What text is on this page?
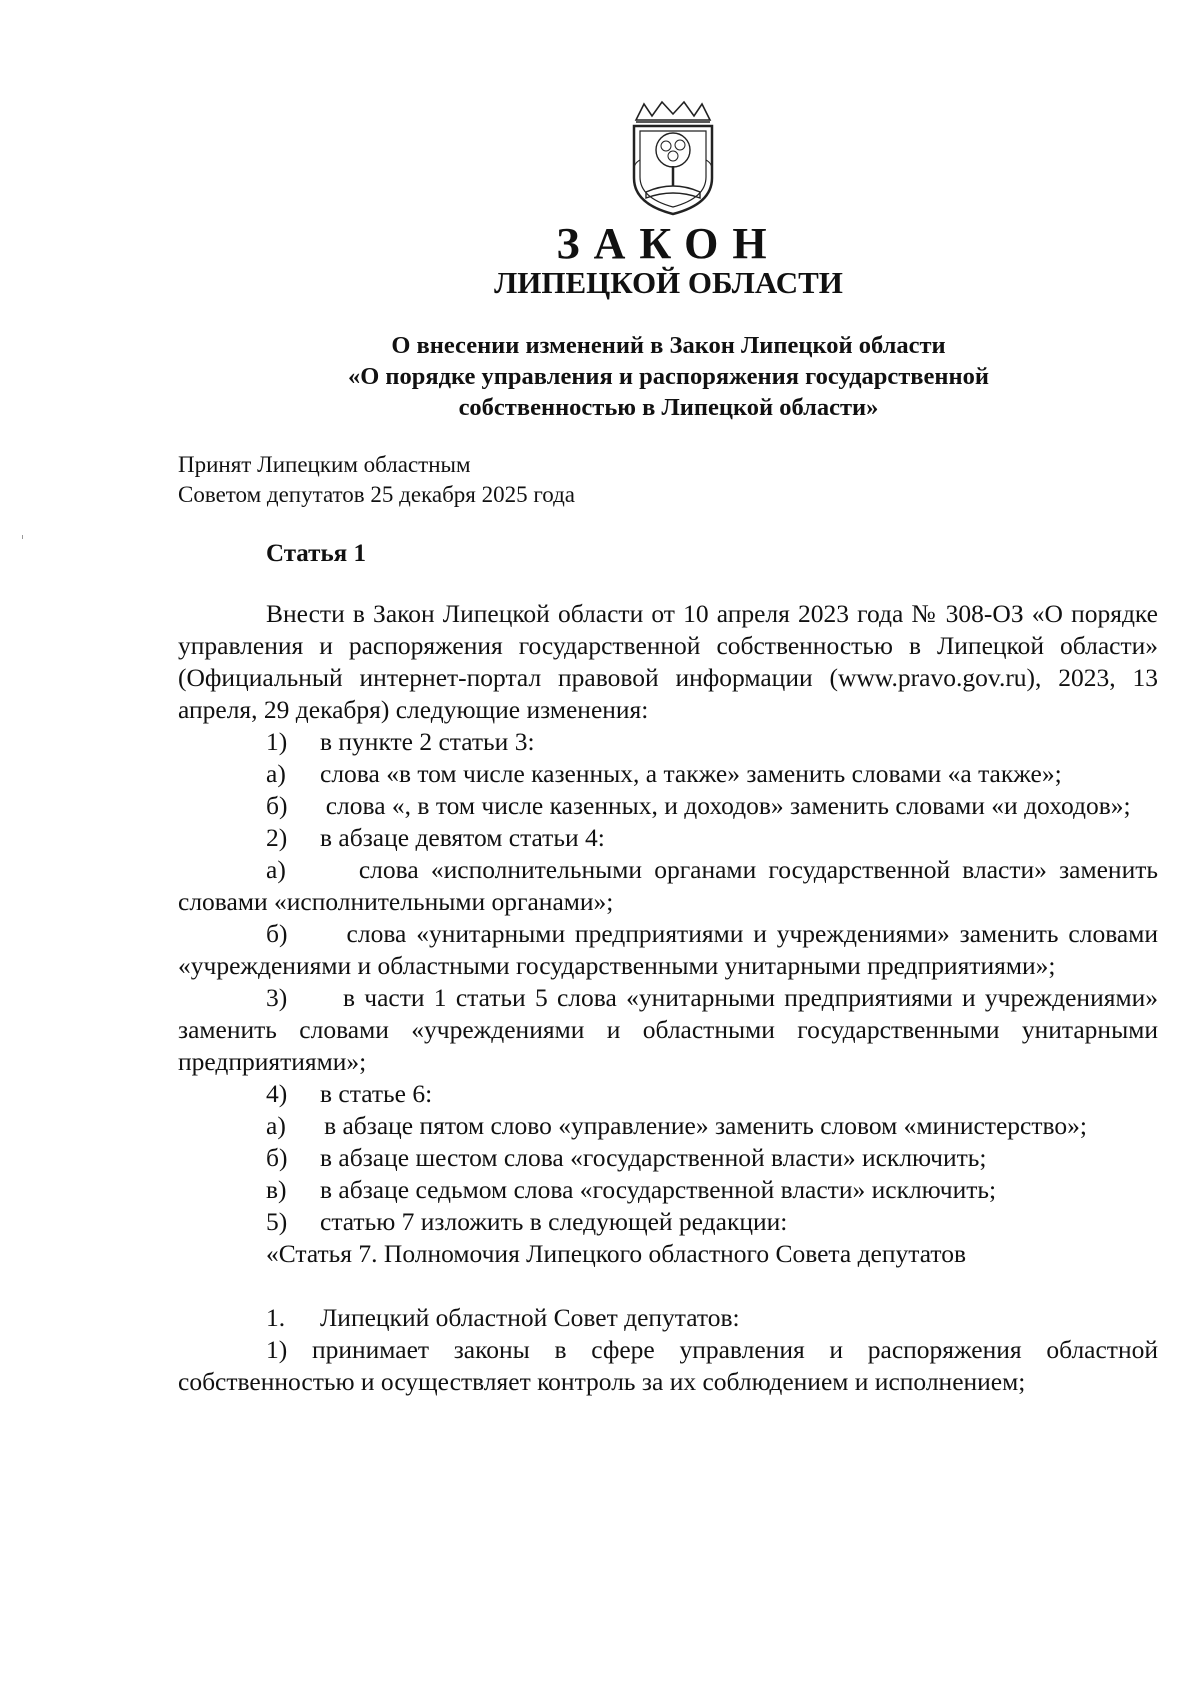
ЗАКОН
ЛИПЕЦКОЙ ОБЛАСТИ
О внесении изменений в Закон Липецкой области
«О порядке управления и распоряжения государственной
собственностью в Липецкой области»
Принят Липецким областным
Советом депутатов 25 декабря 2025 года
Статья 1

Внести в Закон Липецкой области от 10 апреля 2023 года № 308-ОЗ «О порядке управления и распоряжения государственной собственностью в Липецкой области» (Официальный интернет-портал правовой информации (www.pravo.gov.ru), 2023, 13 апреля, 29 декабря) следующие изменения:

1)	в пункте 2 статьи 3:
а)	слова «в том числе казенных, а также» заменить словами «а также»;

б) слова «, в том числе казенных, и доходов» заменить словами «и доходов»;

2)	в абзаце девятом статьи 4:

а)	слова «исполнительными органами государственной власти» заменить словами «исполнительными органами»;

б) слова «унитарными предприятиями и учреждениями» заменить словами «учреждениями и областными государственными унитарными предприятиями»;

3) в части 1 статьи 5 слова «унитарными предприятиями и учреждениями» заменить словами «учреждениями и областными государственными унитарными предприятиями»;

4)	в статье 6:

а) в абзаце пятом слово «управление» заменить словом «министерство»;

б)	в абзаце шестом слова «государственной власти» исключить;
в)	в абзаце седьмом слова «государственной власти» исключить;
5)	статью 7 изложить в следующей редакции:

«Статья 7. Полномочия Липецкого областного Совета депутатов

1.	Липецкий областной Совет депутатов:

1) принимает законы в сфере управления и распоряжения областной собственностью и осуществляет контроль за их соблюдением и исполнением;
